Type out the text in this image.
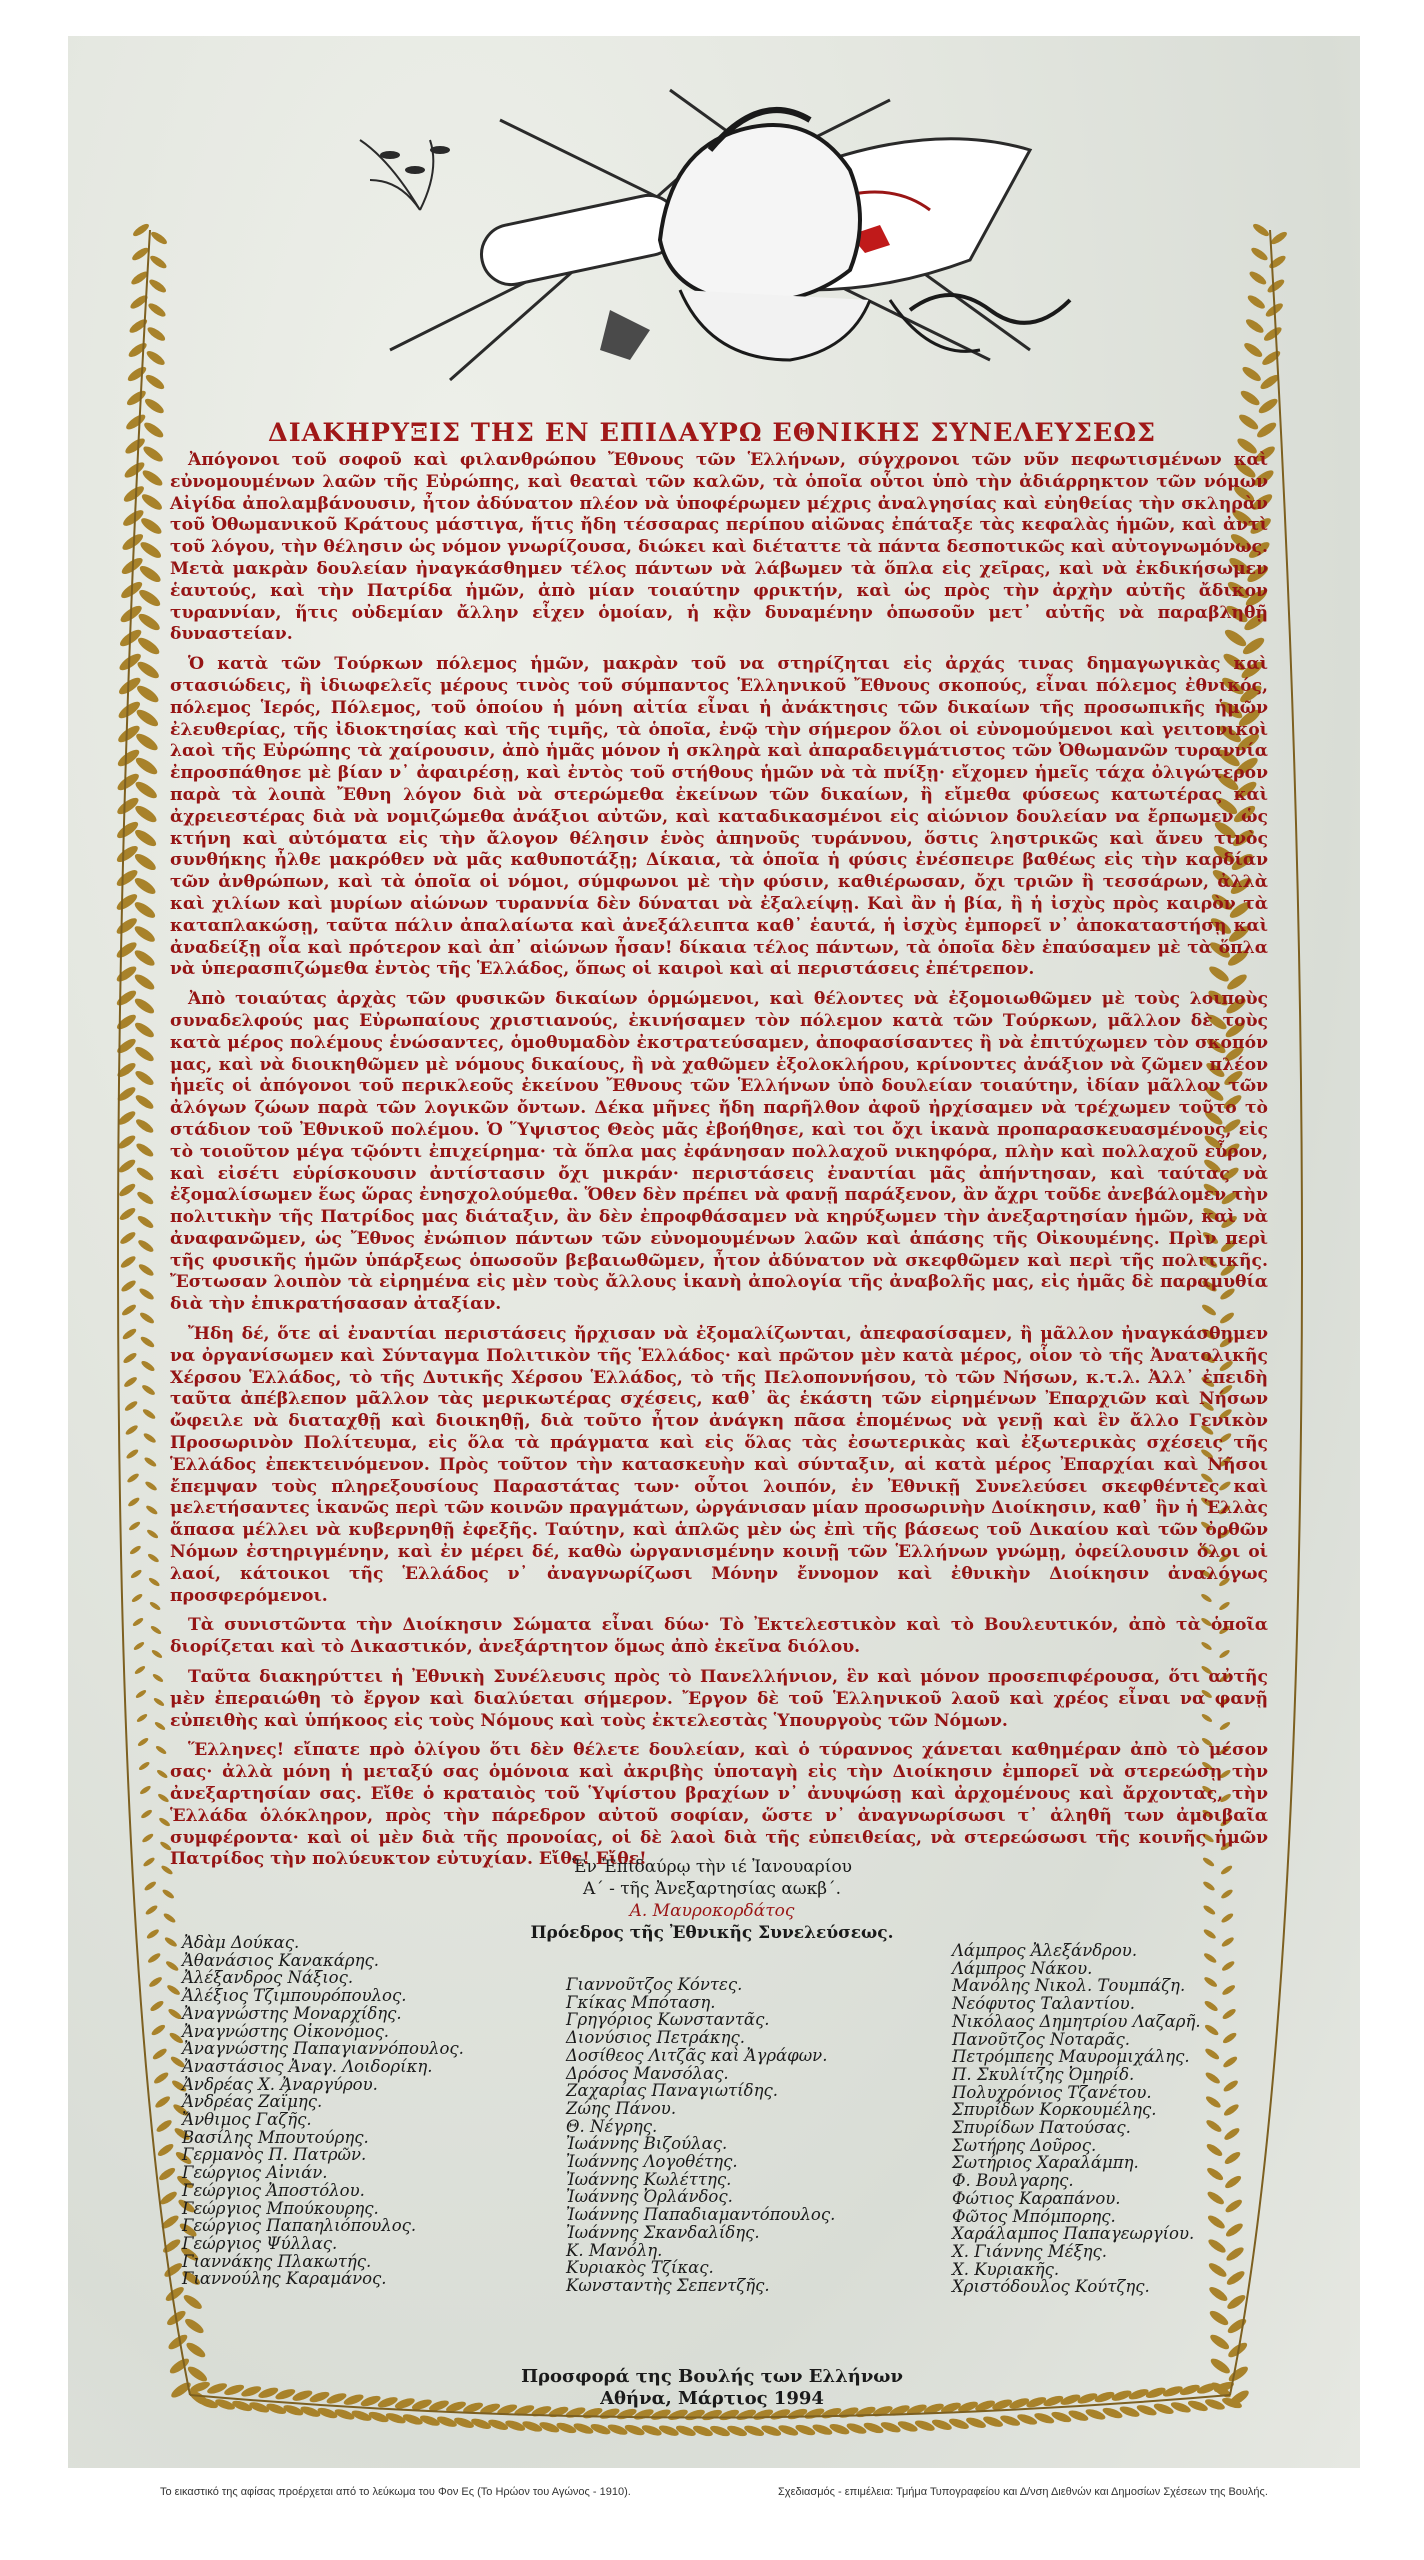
ΔΙΑΚΗΡΥΞΙΣ ΤΗΣ ΕΝ ΕΠΙΔΑΥΡΩ ΕΘΝΙΚΗΣ ΣΥΝΕΛΕΥΣΕΩΣ

Ἀπόγονοι τοῦ σοφοῦ καὶ φιλανθρώπου Ἔθνους τῶν Ἑλλήνων, σύγχρονοι τῶν νῦν πεφωτισμένων καὶ εὐνομουμένων λαῶν τῆς Εὐρώπης, καὶ θεαταὶ τῶν καλῶν, τὰ ὁποῖα οὗτοι ὑπὸ τὴν ἀδιάρρηκτον τῶν νόμων Αἰγίδα ἀπολαμβάνουσιν, ἦτον ἀδύνατον πλέον νὰ ὑποφέρωμεν μέχρις ἀναλγησίας καὶ εὐηθείας τὴν σκληρὰν τοῦ Ὀθωμανικοῦ Κράτους μάστιγα, ἥτις ἤδη τέσσαρας περίπου αἰῶνας ἐπάταξε τὰς κεφαλὰς ἡμῶν, καὶ ἀντὶ τοῦ λόγου, τὴν θέλησιν ὡς νόμον γνωρίζουσα, διώκει καὶ διέταττε τὰ πάντα δεσποτικῶς καὶ αὐτογνωμόνως. Μετὰ μακρὰν δουλείαν ἠναγκάσθημεν τέλος πάντων νὰ λάβωμεν τὰ ὅπλα εἰς χεῖρας, καὶ νὰ ἐκδικήσωμεν ἑαυτούς, καὶ τὴν Πατρίδα ἡμῶν, ἀπὸ μίαν τοιαύτην φρικτήν, καὶ ὡς πρὸς τὴν ἀρχὴν αὐτῆς ἄδικον τυραννίαν, ἥτις οὐδεμίαν ἄλλην εἶχεν ὁμοίαν, ἡ κᾂν δυναμένην ὁπωσοῦν μετ᾽ αὐτῆς νὰ παραβληθῇ δυναστείαν.

Ὁ κατὰ τῶν Τούρκων πόλεμος ἡμῶν, μακρὰν τοῦ να στηρίζηται εἰς ἀρχάς τινας δημαγωγικὰς καὶ στασιώδεις, ἢ ἰδιωφελεῖς μέρους τινὸς τοῦ σύμπαντος Ἑλληνικοῦ Ἔθνους σκοπούς, εἶναι πόλεμος ἐθνικός, πόλεμος Ἱερός, Πόλεμος, τοῦ ὁποίου ἡ μόνη αἰτία εἶναι ἡ ἀνάκτησις τῶν δικαίων τῆς προσωπικῆς ἡμῶν ἐλευθερίας, τῆς ἰδιοκτησίας καὶ τῆς τιμῆς, τὰ ὁποῖα, ἐνῷ τὴν σήμερον ὅλοι οἱ εὐνομούμενοι καὶ γειτονικοὶ λαοὶ τῆς Εὐρώπης τὰ χαίρουσιν, ἀπὸ ἡμᾶς μόνον ἡ σκληρὰ καὶ ἀπαραδειγμάτιστος τῶν Ὀθωμανῶν τυραννία ἐπροσπάθησε μὲ βίαν ν᾽ ἀφαιρέσῃ, καὶ ἐντὸς τοῦ στήθους ἡμῶν νὰ τὰ πνίξῃ· εἴχομεν ἡμεῖς τάχα ὀλιγώτερον παρὰ τὰ λοιπὰ Ἔθνη λόγον διὰ νὰ στερώμεθα ἐκείνων τῶν δικαίων, ἢ εἴμεθα φύσεως κατωτέρας καὶ ἀχρειεστέρας διὰ νὰ νομιζώμεθα ἀνάξιοι αὐτῶν, καὶ καταδικασμένοι εἰς αἰώνιον δουλείαν να ἔρπωμεν ὡς κτήνη καὶ αὐτόματα εἰς τὴν ἄλογον θέλησιν ἑνὸς ἀπηνοῦς τυράννου, ὅστις ληστρικῶς καὶ ἄνευ τινὸς συνθήκης ἦλθε μακρόθεν νὰ μᾶς καθυποτάξῃ; Δίκαια, τὰ ὁποῖα ἡ φύσις ἐνέσπειρε βαθέως εἰς τὴν καρδίαν τῶν ἀνθρώπων, καὶ τὰ ὁποῖα οἱ νόμοι, σύμφωνοι μὲ τὴν φύσιν, καθιέρωσαν, ὄχι τριῶν ἢ τεσσάρων, ἀλλὰ καὶ χιλίων καὶ μυρίων αἰώνων τυραννία δὲν δύναται νὰ ἐξαλείψῃ. Καὶ ἂν ἡ βία, ἢ ἡ ἰσχὺς πρὸς καιρὸν τὰ καταπλακώσῃ, ταῦτα πάλιν ἀπαλαίωτα καὶ ἀνεξάλειπτα καθ᾽ ἑαυτά, ἡ ἰσχὺς ἐμπορεῖ ν᾽ ἀποκαταστήσῃ καὶ ἀναδείξῃ οἷα καὶ πρότερον καὶ ἀπ᾽ αἰώνων ἦσαν! δίκαια τέλος πάντων, τὰ ὁποῖα δὲν ἐπαύσαμεν μὲ τὰ ὅπλα νὰ ὑπερασπιζώμεθα ἐντὸς τῆς Ἑλλάδος, ὅπως οἱ καιροὶ καὶ αἱ περιστάσεις ἐπέτρεπον.

Ἀπὸ τοιαύτας ἀρχὰς τῶν φυσικῶν δικαίων ὁρμώμενοι, καὶ θέλοντες νὰ ἐξομοιωθῶμεν μὲ τοὺς λοιποὺς συναδελφούς μας Εὐρωπαίους χριστιανούς, ἐκινήσαμεν τὸν πόλεμον κατὰ τῶν Τούρκων, μᾶλλον δὲ τοὺς κατὰ μέρος πολέμους ἑνώσαντες, ὁμοθυμαδὸν ἐκστρατεύσαμεν, ἀποφασίσαντες ἢ νὰ ἐπιτύχωμεν τὸν σκοπόν μας, καὶ νὰ διοικηθῶμεν μὲ νόμους δικαίους, ἢ νὰ χαθῶμεν ἐξολοκλήρου, κρίνοντες ἀνάξιον νὰ ζῶμεν πλέον ἡμεῖς οἱ ἀπόγονοι τοῦ περικλεοῦς ἐκείνου Ἔθνους τῶν Ἑλλήνων ὑπὸ δουλείαν τοιαύτην, ἰδίαν μᾶλλον τῶν ἀλόγων ζώων παρὰ τῶν λογικῶν ὄντων. Δέκα μῆνες ἤδη παρῆλθον ἀφοῦ ἠρχίσαμεν νὰ τρέχωμεν τοῦτο τὸ στάδιον τοῦ Ἐθνικοῦ πολέμου. Ὁ Ὕψιστος Θεὸς μᾶς ἐβοήθησε, καὶ τοι ὄχι ἱκανὰ προπαρασκευασμένους, εἰς τὸ τοιοῦτον μέγα τῷόντι ἐπιχείρημα· τὰ ὅπλα μας ἐφάνησαν πολλαχοῦ νικηφόρα, πλὴν καὶ πολλαχοῦ εὗρον, καὶ εἰσέτι εὑρίσκουσιν ἀντίστασιν ὄχι μικράν· περιστάσεις ἐναντίαι μᾶς ἀπήντησαν, καὶ ταύτας νὰ ἐξομαλίσωμεν ἕως ὥρας ἐνησχολούμεθα. Ὅθεν δὲν πρέπει νὰ φανῇ παράξενον, ἂν ἄχρι τοῦδε ἀνεβάλομεν τὴν πολιτικὴν τῆς Πατρίδος μας διάταξιν, ἂν δὲν ἐπροφθάσαμεν νὰ κηρύξωμεν τὴν ἀνεξαρτησίαν ἡμῶν, καὶ νὰ ἀναφανῶμεν, ὡς Ἔθνος ἐνώπιον πάντων τῶν εὐνομουμένων λαῶν καὶ ἁπάσης τῆς Οἰκουμένης. Πρὶν περὶ τῆς φυσικῆς ἡμῶν ὑπάρξεως ὁπωσοῦν βεβαιωθῶμεν, ἦτον ἀδύνατον νὰ σκεφθῶμεν καὶ περὶ τῆς πολιτικῆς. Ἔστωσαν λοιπὸν τὰ εἰρημένα εἰς μὲν τοὺς ἄλλους ἱκανὴ ἀπολογία τῆς ἀναβολῆς μας, εἰς ἡμᾶς δὲ παραμυθία διὰ τὴν ἐπικρατήσασαν ἀταξίαν.

Ἤδη δέ, ὅτε αἱ ἐναντίαι περιστάσεις ἤρχισαν νὰ ἐξομαλίζωνται, ἀπεφασίσαμεν, ἢ μᾶλλον ἠναγκάσθημεν να ὀργανίσωμεν καὶ Σύνταγμα Πολιτικὸν τῆς Ἑλλάδος· καὶ πρῶτον μὲν κατὰ μέρος, οἷον τὸ τῆς Ἀνατολικῆς Χέρσου Ἑλλάδος, τὸ τῆς Δυτικῆς Χέρσου Ἑλλάδος, τὸ τῆς Πελοποννήσου, τὸ τῶν Νήσων, κ.τ.λ. Ἀλλ᾽ ἐπειδὴ ταῦτα ἀπέβλεπον μᾶλλον τὰς μερικωτέρας σχέσεις, καθ᾽ ἃς ἑκάστη τῶν εἰρημένων Ἐπαρχιῶν καὶ Νήσων ὤφειλε νὰ διαταχθῇ καὶ διοικηθῇ, διὰ τοῦτο ἦτον ἀνάγκη πᾶσα ἑπομένως νὰ γενῇ καὶ ἓν ἄλλο Γενικὸν Προσωρινὸν Πολίτευμα, εἰς ὅλα τὰ πράγματα καὶ εἰς ὅλας τὰς ἐσωτερικὰς καὶ ἐξωτερικὰς σχέσεις τῆς Ἑλλάδος ἐπεκτεινόμενον. Πρὸς τοῦτον τὴν κατασκευὴν καὶ σύνταξιν, αἱ κατὰ μέρος Ἐπαρχίαι καὶ Νῆσοι ἔπεμψαν τοὺς πληρεξουσίους Παραστάτας των· οὗτοι λοιπόν, ἐν Ἐθνικῇ Συνελεύσει σκεφθέντες καὶ μελετήσαντες ἱκανῶς περὶ τῶν κοινῶν πραγμάτων, ὠργάνισαν μίαν προσωρινὴν Διοίκησιν, καθ᾽ ἣν ἡ Ἑλλὰς ἅπασα μέλλει νὰ κυβερνηθῇ ἐφεξῆς. Ταύτην, καὶ ἁπλῶς μὲν ὡς ἐπὶ τῆς βάσεως τοῦ Δικαίου καὶ τῶν ὀρθῶν Νόμων ἐστηριγμένην, καὶ ἐν μέρει δέ, καθὼ ὠργανισμένην κοινῇ τῶν Ἑλλήνων γνώμῃ, ὀφείλουσιν ὅλοι οἱ λαοί, κάτοικοι τῆς Ἑλλάδος ν᾽ ἀναγνωρίζωσι Μόνην ἔννομον καὶ ἐθνικὴν Διοίκησιν ἀναλόγως προσφερόμενοι.

Τὰ συνιστῶντα τὴν Διοίκησιν Σώματα εἶναι δύω· Τὸ Ἐκτελεστικὸν καὶ τὸ Βουλευτικόν, ἀπὸ τὰ ὁποῖα διορίζεται καὶ τὸ Δικαστικόν, ἀνεξάρτητον ὅμως ἀπὸ ἐκεῖνα διόλου.

Ταῦτα διακηρύττει ἡ Ἐθνικὴ Συνέλευσις πρὸς τὸ Πανελλήνιον, ἓν καὶ μόνον προσεπιφέρουσα, ὅτι αὐτῆς μὲν ἐπεραιώθη τὸ ἔργον καὶ διαλύεται σήμερον. Ἔργον δὲ τοῦ Ἑλληνικοῦ λαοῦ καὶ χρέος εἶναι να φανῇ εὐπειθὴς καὶ ὑπήκοος εἰς τοὺς Νόμους καὶ τοὺς ἐκτελεστὰς Ὑπουργοὺς τῶν Νόμων.

Ἕλληνες! εἴπατε πρὸ ὀλίγου ὅτι δὲν θέλετε δουλείαν, καὶ ὁ τύραννος χάνεται καθημέραν ἀπὸ τὸ μέσον σας· ἀλλὰ μόνη ἡ μεταξύ σας ὁμόνοια καὶ ἀκριβὴς ὑποταγὴ εἰς τὴν Διοίκησιν ἐμπορεῖ νὰ στερεώσῃ τὴν ἀνεξαρτησίαν σας. Εἴθε ὁ κραταιὸς τοῦ Ὑψίστου βραχίων ν᾽ ἀνυψώσῃ καὶ ἀρχομένους καὶ ἄρχοντας, τὴν Ἑλλάδα ὁλόκληρον, πρὸς τὴν πάρεδρον αὐτοῦ σοφίαν, ὥστε ν᾽ ἀναγνωρίσωσι τ᾽ ἀληθῆ των ἀμοιβαῖα συμφέροντα· καὶ οἱ μὲν διὰ τῆς προνοίας, οἱ δὲ λαοὶ διὰ τῆς εὐπειθείας, νὰ στερεώσωσι τῆς κοινῆς ἡμῶν Πατρίδος τὴν πολύευκτον εὐτυχίαν. Εἴθε! Εἴθε!

Ἐν Ἐπιδαύρῳ τὴν ιέ Ἰανουαρίου
Α´ - τῆς Ἀνεξαρτησίας αωκβ´.
Α. Μαυροκορδάτος
Πρόεδρος τῆς Ἐθνικῆς Συνελεύσεως.
Ἀδὰμ Δούκας.
Ἀθανάσιος Κανακάρης.
Ἀλέξανδρος Νάξιος.
Ἀλέξιος Τζιμπουρόπουλος.
Ἀναγνώστης Μοναρχίδης.
Ἀναγνώστης Οἰκονόμος.
Ἀναγνώστης Παπαγιαννόπουλος.
Ἀναστάσιος Ἀναγ. Λοιδορίκη.
Ἀνδρέας Χ. Ἀναργύρου.
Ἀνδρέας Ζαΐμης.
Ἄνθιμος Γαζῆς.
Βασίλης Μπουτούρης.
Γερμανὸς Π. Πατρῶν.
Γεώργιος Αἰνιάν.
Γεώργιος Ἀποστόλου.
Γεώργιος Μπούκουρης.
Γεώργιος Παπαηλιόπουλος.
Γεώργιος Ψύλλας.
Γιαννάκης Πλακωτής.
Γιαννούλης Καραμάνος.
Γιαννοῦτζος Κόντες.
Γκίκας Μπόταση.
Γρηγόριος Κωνσταντᾶς.
Διονύσιος Πετράκης.
Δοσίθεος Λιτζᾶς καὶ Ἀγράφων.
Δρόσος Μανσόλας.
Ζαχαρίας Παναγιωτίδης.
Ζώης Πάνου.
Θ. Νέγρης.
Ἰωάννης Βιζούλας.
Ἰωάννης Λογοθέτης.
Ἰωάννης Κωλέττης.
Ἰωάννης Ὀρλάνδος.
Ἰωάννης Παπαδιαμαντόπουλος.
Ἰωάννης Σκανδαλίδης.
Κ. Μανόλη.
Κυριακὸς Τζίκας.
Κωνσταντὴς Σεπεντζῆς.
Λάμπρος Ἀλεξάνδρου.
Λάμπρος Νάκου.
Μανόλης Νικολ. Τουμπάζη.
Νεόφυτος Ταλαντίου.
Νικόλαος Δημητρίου Λαζαρῆ.
Πανοῦτζος Νοταρᾶς.
Πετρόμπεης Μαυρομιχάλης.
Π. Σκυλίτζης Ὀμηρίδ.
Πολυχρόνιος Τζανέτου.
Σπυρίδων Κορκουμέλης.
Σπυρίδων Πατούσας.
Σωτήρης Δοῦρος.
Σωτήριος Χαραλάμπη.
Φ. Βουλγαρης.
Φώτιος Καραπάνου.
Φῶτος Μπόμπορης.
Χαράλαμπος Παπαγεωργίου.
Χ. Γιάννης Μέξης.
Χ. Κυριακῆς.
Χριστόδουλος Κούτζης.
Προσφορά της Βουλής των Ελλήνων
Αθήνα, Μάρτιος 1994
Το εικαστικό της αφίσας προέρχεται από το λεύκωμα του Φον Ες (Το Ηρώον του Αγώνος - 1910).	Σχεδιασμός - επιμέλεια: Τμήμα Τυπογραφείου και Δ/νση Διεθνών και Δημοσίων Σχέσεων της Βουλής.
